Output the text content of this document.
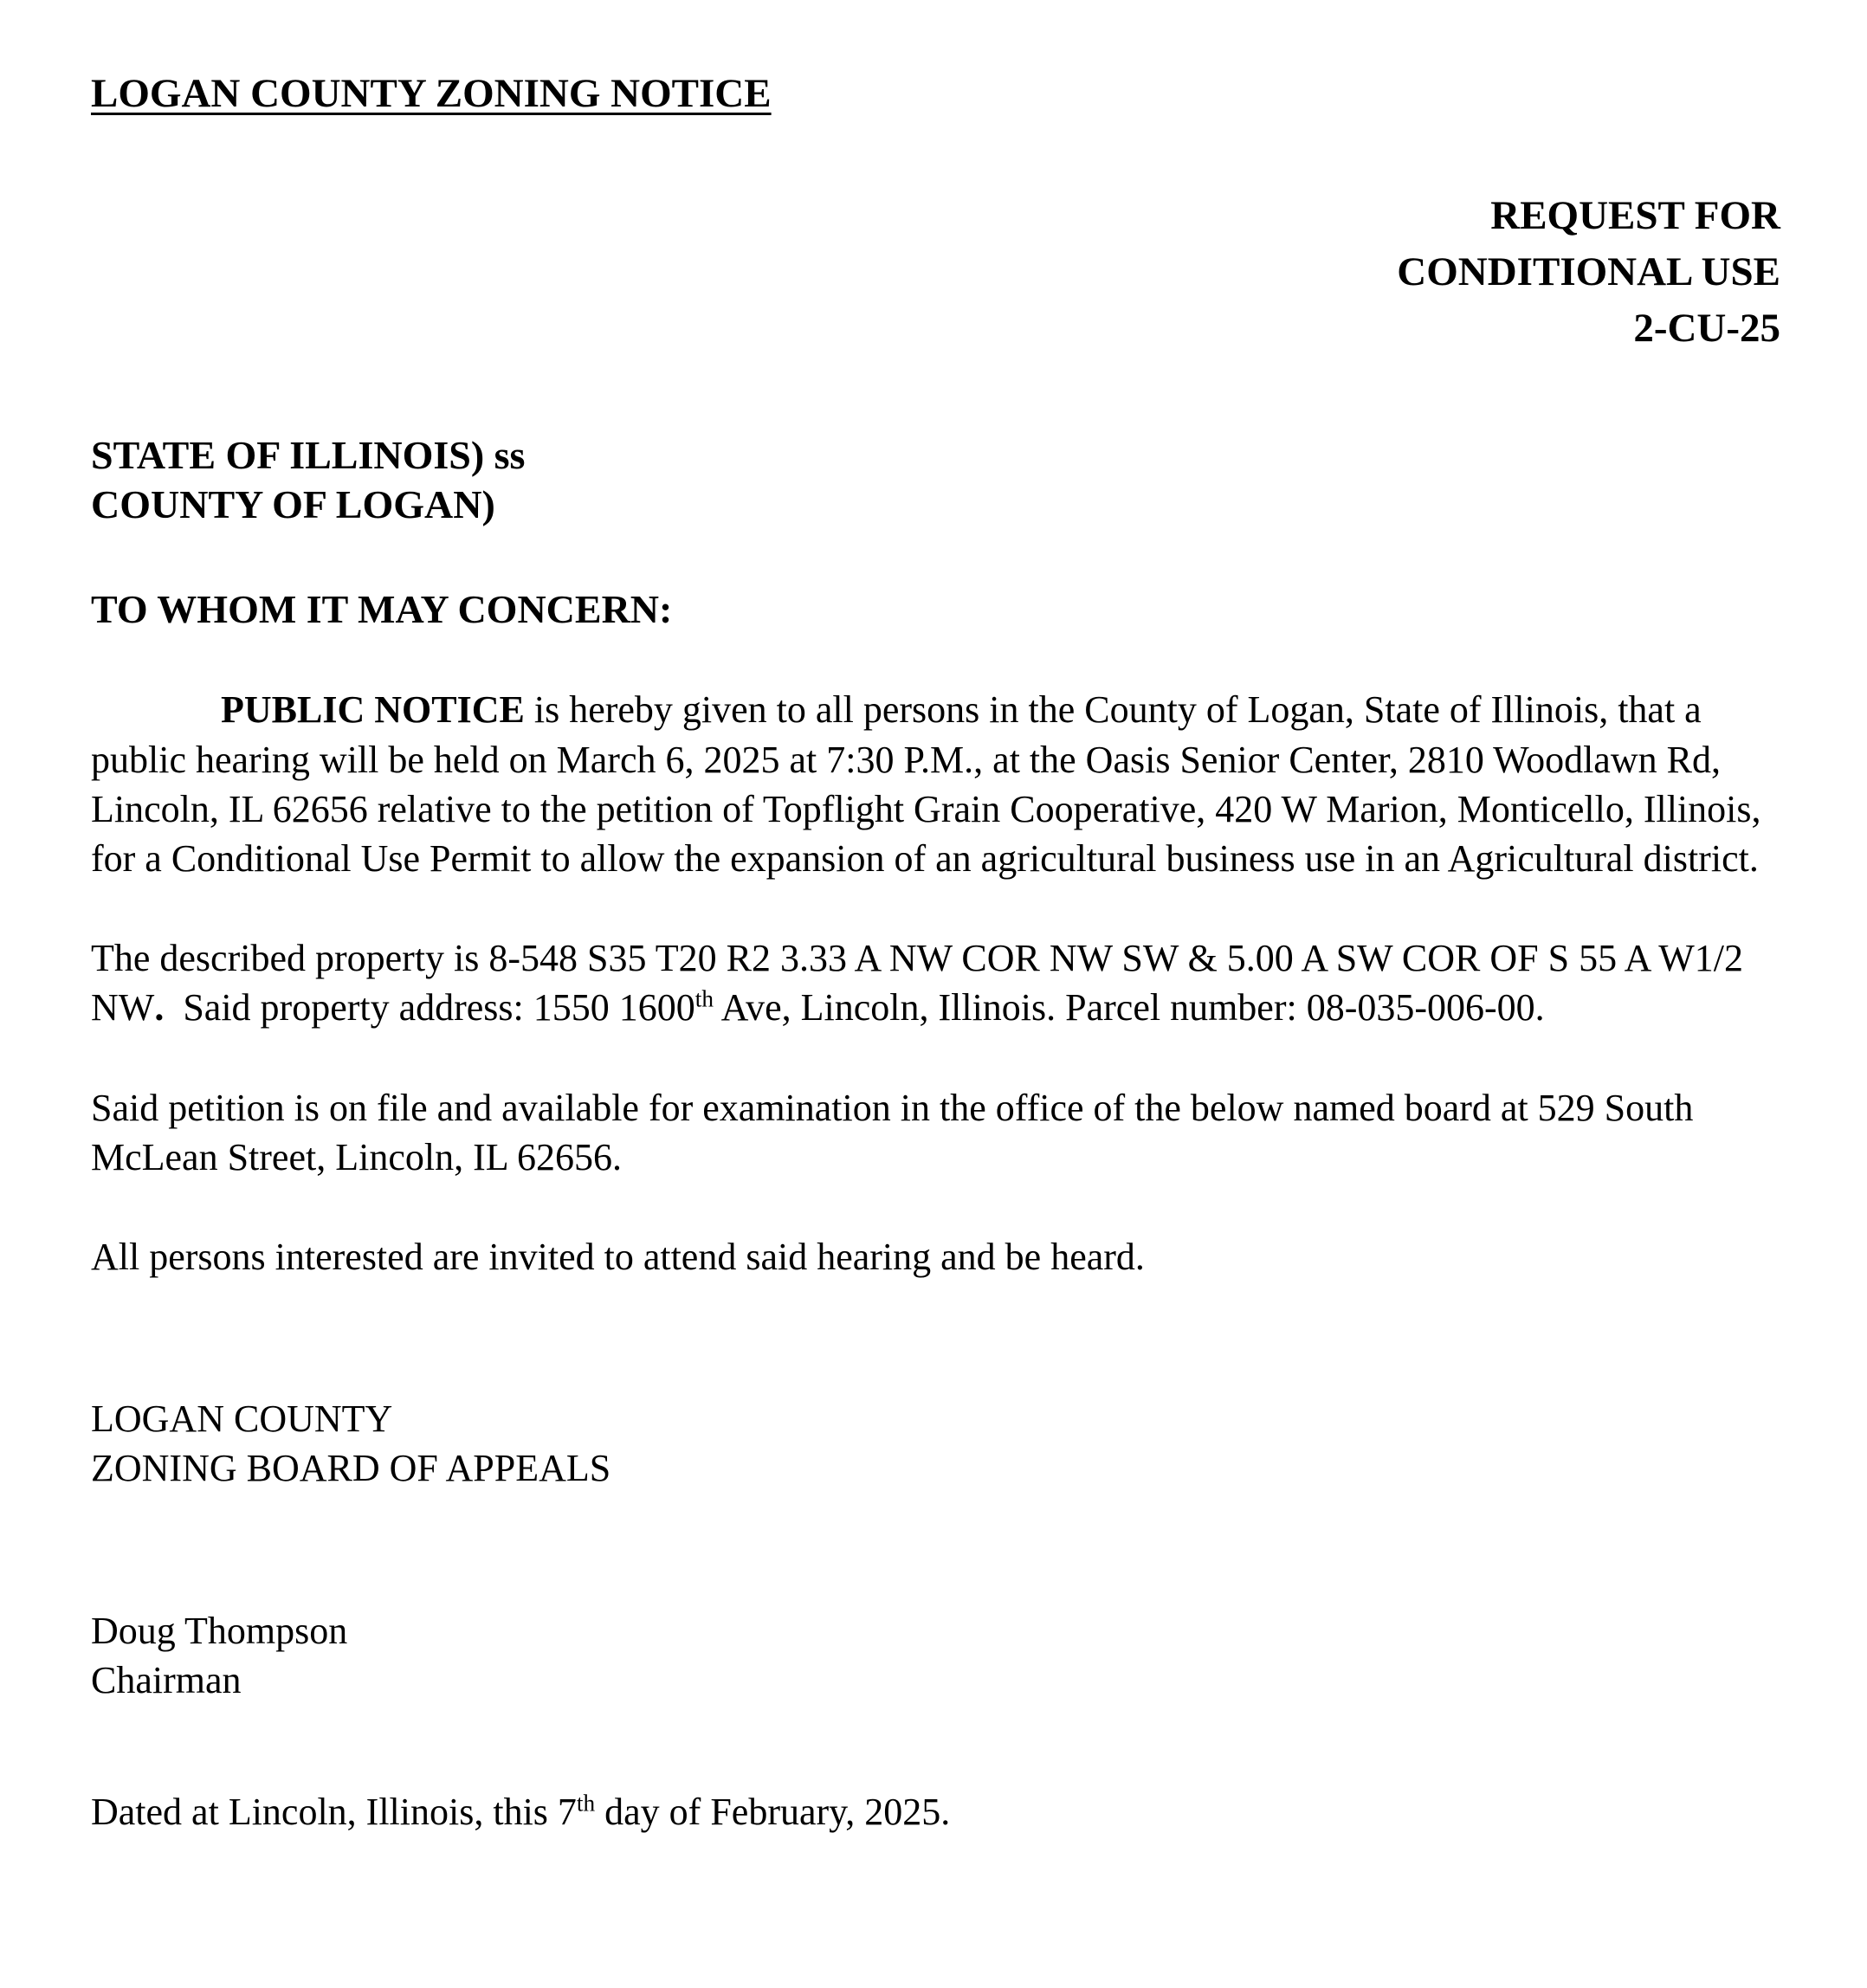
LOGAN COUNTY ZONING NOTICE
REQUEST FOR
CONDITIONAL USE
2-CU-25
STATE OF ILLINOIS) ss
COUNTY OF LOGAN)
TO WHOM IT MAY CONCERN:

PUBLIC NOTICE is hereby given to all persons in the County of Logan, State of Illinois, that a public hearing will be held on March 6, 2025 at 7:30 P.M., at the Oasis Senior Center, 2810 Woodlawn Rd, Lincoln, IL 62656 relative to the petition of Topflight Grain Cooperative, 420 W Marion, Monticello, Illinois, for a Conditional Use Permit to allow the expansion of an agricultural business use in an Agricultural district.

The described property is 8-548 S35 T20 R2 3.33 A NW COR NW SW & 5.00 A SW COR OF S 55 A W1/2 NW.  Said property address: 1550 1600th Ave, Lincoln, Illinois. Parcel number: 08-035-006-00.

Said petition is on file and available for examination in the office of the below named board at 529 South McLean Street, Lincoln, IL 62656.

All persons interested are invited to attend said hearing and be heard.

LOGAN COUNTY
ZONING BOARD OF APPEALS
Doug Thompson
Chairman

Dated at Lincoln, Illinois, this 7th day of February, 2025.
